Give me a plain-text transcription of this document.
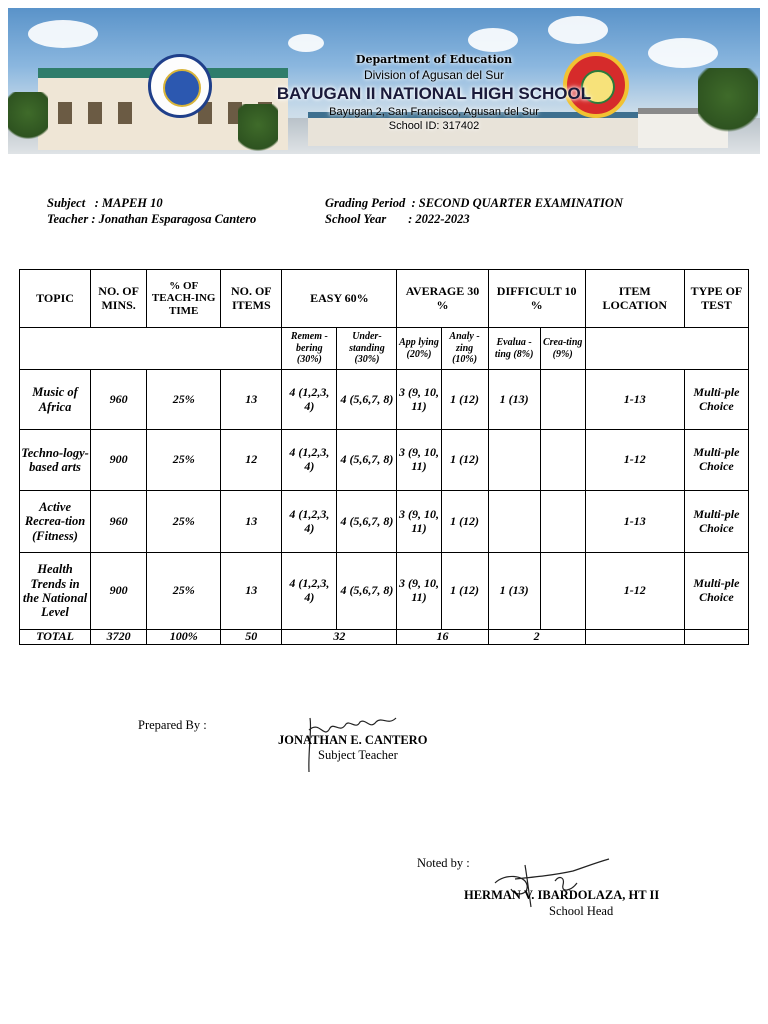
Department of Education
Division of Agusan del Sur
BAYUGAN II NATIONAL HIGH SCHOOL
Bayugan 2, San Francisco, Agusan del Sur
School ID: 317402
Subject   : MAPEH 10
Teacher : Jonathan Esparagosa Cantero
Grading Period : SECOND QUARTER EXAMINATION
School Year : 2022-2023
TOPIC	NO. OF MINS.	% OF TEACH-ING TIME	NO. OF ITEMS	EASY 60%		AVERAGE 30 %		DIFFICULT 10 %		ITEM LOCATION	TYPE OF TEST
				Remem -bering (30%)	Under-standing (30%)	App lying (20%)	Analy -zing (10%)	Evalua -ting (8%)	Crea-ting (9%)		
Music of Africa	960	25%	13	4 (1,2,3, 4)	4 (5,6,7, 8)	3 (9, 10, 11)	1 (12)	1 (13)		1-13	Multi-ple Choice
Techno-logy-based arts	900	25%	12	4 (1,2,3, 4)	4 (5,6,7, 8)	3 (9, 10, 11)	1 (12)			1-12	Multi-ple Choice
Active Recrea-tion (Fitness)	960	25%	13	4 (1,2,3, 4)	4 (5,6,7, 8)	3 (9, 10, 11)	1 (12)			1-13	Multi-ple Choice
Health Trends in the National Level	900	25%	13	4 (1,2,3, 4)	4 (5,6,7, 8)	3 (9, 10, 11)	1 (12)	1 (13)		1-12	Multi-ple Choice
TOTAL	3720	100%	50	32		16		2			
Prepared By :
JONATHAN E. CANTERO
Subject Teacher
Noted by :
HERMAN V. IBARDOLAZA, HT II
School Head
